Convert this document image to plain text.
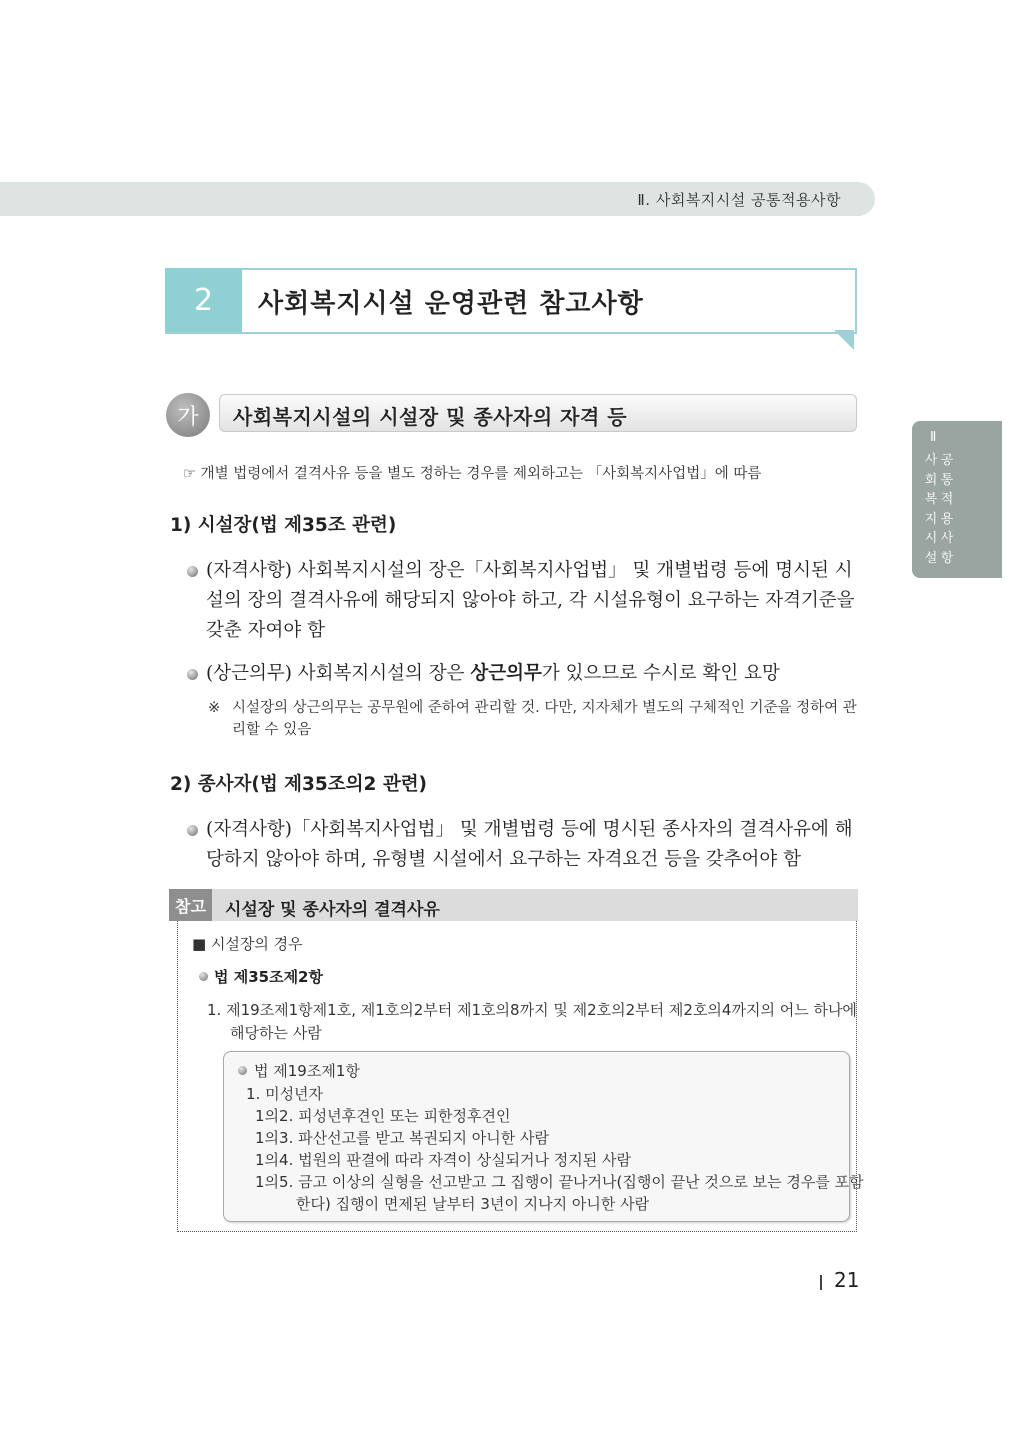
Ⅱ. 사회복지시설 공통적용사항
2	사회복지시설 운영관련 참고사항
가	사회복지시설의 시설장 및 종사자의 자격 등
Ⅱ
사
회
복
지
시
설
공
통
적
용
사
항
☞ 개별 법령에서 결격사유 등을 별도 정하는 경우를 제외하고는 「사회복지사업법」에 따름
1) 시설장(법 제35조 관련)
(자격사항) 사회복지시설의 장은「사회복지사업법」 및 개별법령 등에 명시된 시설의 장의 결격사유에 해당되지 않아야 하고, 각 시설유형이 요구하는 자격기준을 갖춘 자여야 함
(상근의무) 사회복지시설의 장은 상근의무가 있으므로 수시로 확인 요망
※ 시설장의 상근의무는 공무원에 준하여 관리할 것. 다만, 지자체가 별도의 구체적인 기준을 정하여 관리할 수 있음
2) 종사자(법 제35조의2 관련)
(자격사항)「사회복지사업법」 및 개별법령 등에 명시된 종사자의 결격사유에 해당하지 않아야 하며, 유형별 시설에서 요구하는 자격요건 등을 갖추어야 함
참고	시설장 및 종사자의 결격사유
■ 시설장의 경우
법 제35조제2항
1. 제19조제1항제1호, 제1호의2부터 제1호의8까지 및 제2호의2부터 제2호의4까지의 어느 하나에
해당하는 사람
법 제19조제1항
1. 미성년자
1의2. 피성년후견인 또는 피한정후견인
1의3. 파산선고를 받고 복권되지 아니한 사람
1의4. 법원의 판결에 따라 자격이 상실되거나 정지된 사람
1의5. 금고 이상의 실형을 선고받고 그 집행이 끝나거나(집행이 끝난 것으로 보는 경우를 포함
한다) 집행이 면제된 날부터 3년이 지나지 아니한 사람
21
